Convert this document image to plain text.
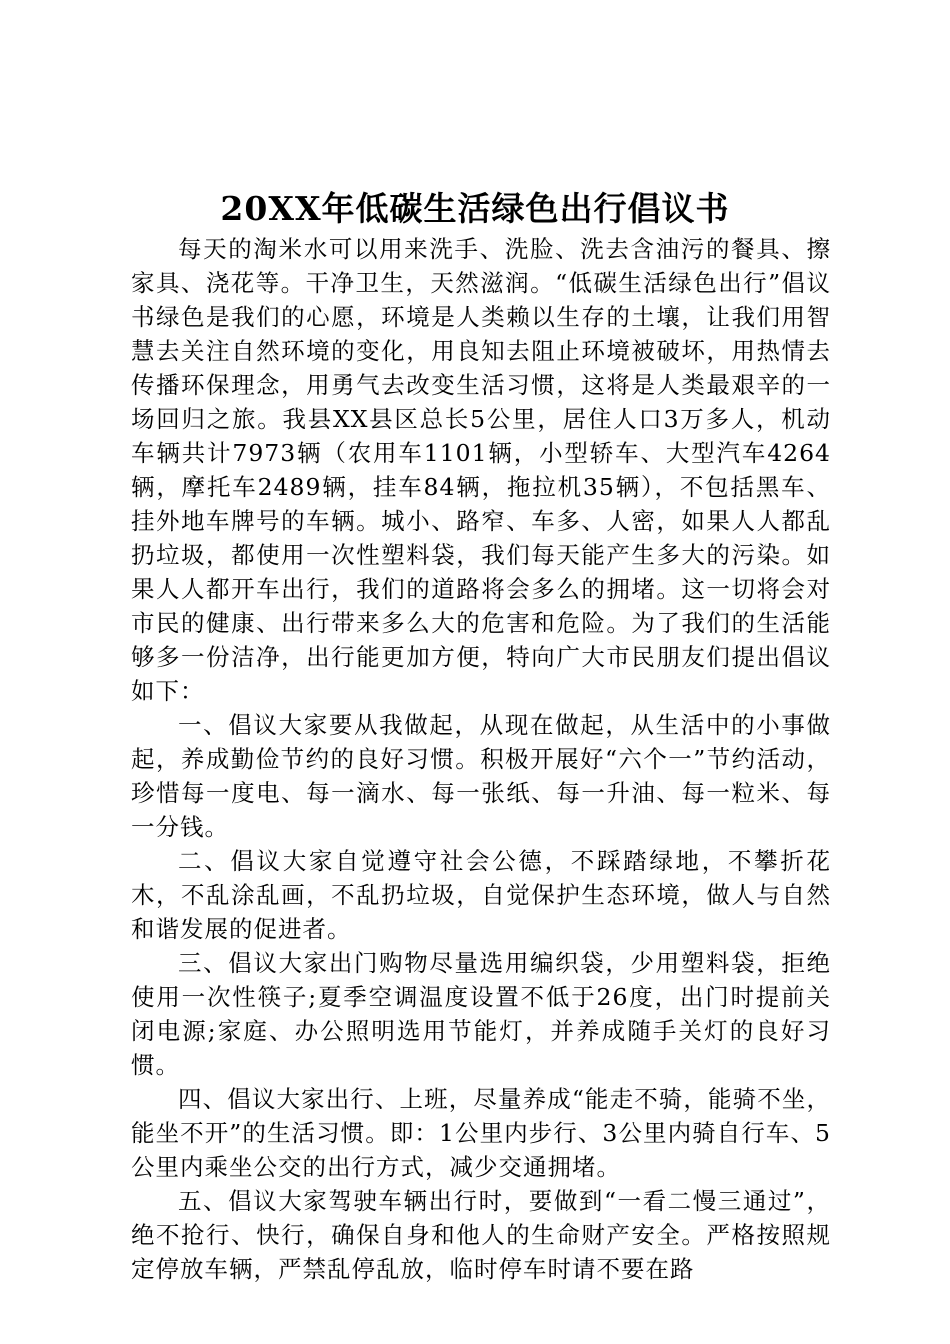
20XX年低碳生活绿色出行倡议书

每天的淘米水可以用来洗手、洗脸、洗去含油污的餐具、擦家具、浇花等。干净卫生，天然滋润。“低碳生活绿色出行”倡议书绿色是我们的心愿，环境是人类赖以生存的土壤，让我们用智慧去关注自然环境的变化，用良知去阻止环境被破坏，用热情去传播环保理念，用勇气去改变生活习惯，这将是人类最艰辛的一场回归之旅。我县XX县区总长5公里，居住人口3万多人，机动车辆共计7973辆（农用车1101辆，小型轿车、大型汽车4264辆，摩托车2489辆，挂车84辆，拖拉机35辆），不包括黑车、挂外地车牌号的车辆。城小、路窄、车多、人密，如果人人都乱扔垃圾，都使用一次性塑料袋，我们每天能产生多大的污染。如果人人都开车出行，我们的道路将会多么的拥堵。这一切将会对市民的健康、出行带来多么大的危害和危险。为了我们的生活能够多一份洁净，出行能更加方便，特向广大市民朋友们提出倡议如下：

一、倡议大家要从我做起，从现在做起，从生活中的小事做起，养成勤俭节约的良好习惯。积极开展好“六个一”节约活动，珍惜每一度电、每一滴水、每一张纸、每一升油、每一粒米、每一分钱。

二、倡议大家自觉遵守社会公德，不踩踏绿地，不攀折花木，不乱涂乱画，不乱扔垃圾，自觉保护生态环境，做人与自然和谐发展的促进者。

三、倡议大家出门购物尽量选用编织袋，少用塑料袋，拒绝使用一次性筷子;夏季空调温度设置不低于26度，出门时提前关闭电源;家庭、办公照明选用节能灯，并养成随手关灯的良好习惯。

四、倡议大家出行、上班，尽量养成“能走不骑，能骑不坐，能坐不开”的生活习惯。即：1公里内步行、3公里内骑自行车、5公里内乘坐公交的出行方式，减少交通拥堵。

五、倡议大家驾驶车辆出行时，要做到“一看二慢三通过”，绝不抢行、快行，确保自身和他人的生命财产安全。严格按照规定停放车辆，严禁乱停乱放，临时停车时请不要在路
